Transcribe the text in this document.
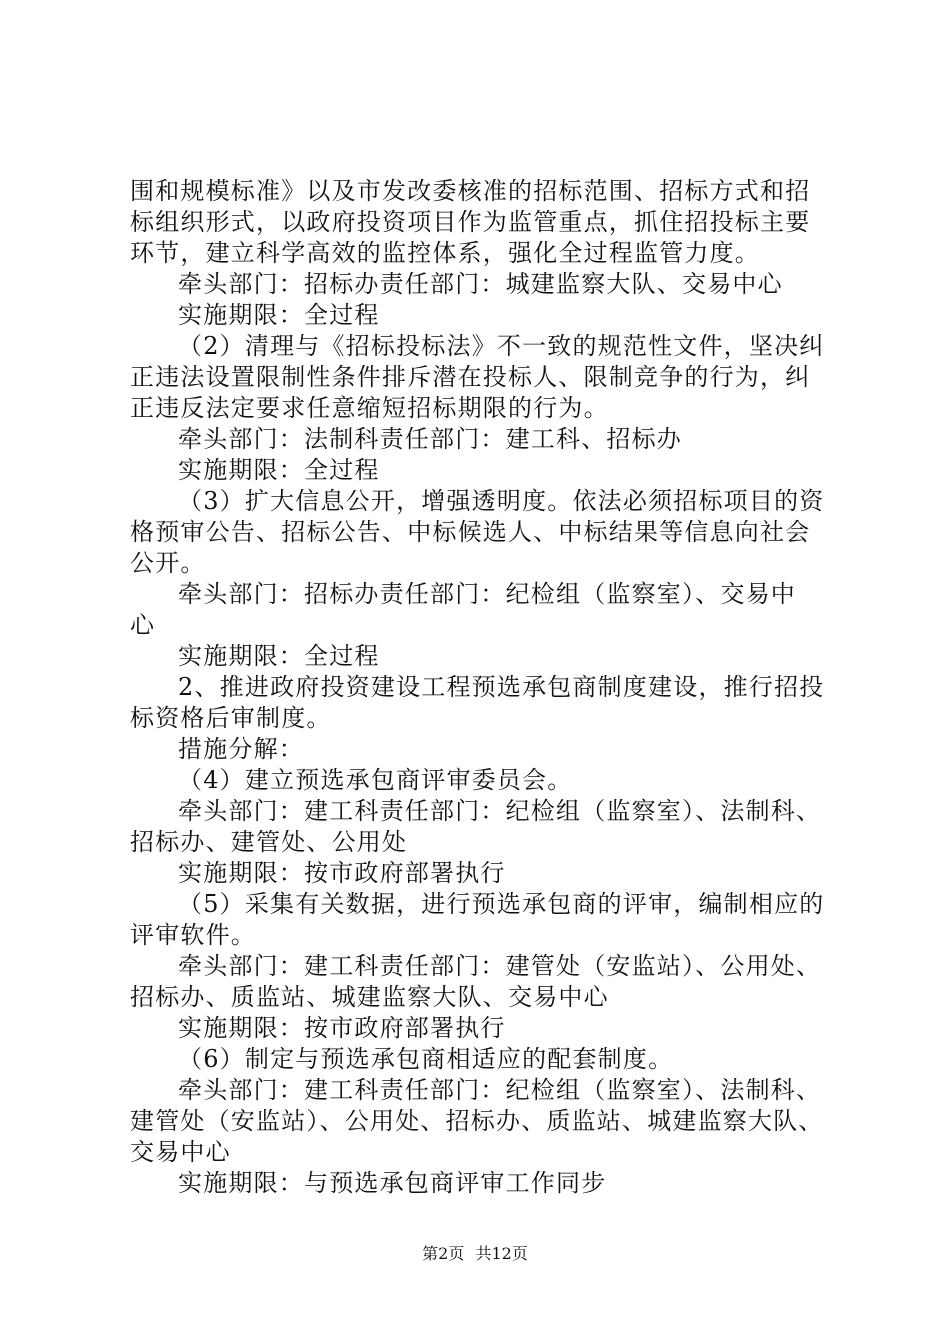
围和规模标准》以及市发改委核准的招标范围、招标方式和招
标组织形式，以政府投资项目作为监管重点，抓住招投标主要
环节，建立科学高效的监控体系，强化全过程监管力度。
牵头部门：招标办责任部门：城建监察大队、交易中心
实施期限：全过程
（2）清理与《招标投标法》不一致的规范性文件，坚决纠
正违法设置限制性条件排斥潜在投标人、限制竞争的行为，纠
正违反法定要求任意缩短招标期限的行为。
牵头部门：法制科责任部门：建工科、招标办
实施期限：全过程
（3）扩大信息公开，增强透明度。依法必须招标项目的资
格预审公告、招标公告、中标候选人、中标结果等信息向社会
公开。
牵头部门：招标办责任部门：纪检组（监察室）、交易中
心
实施期限：全过程
2、推进政府投资建设工程预选承包商制度建设，推行招投
标资格后审制度。
措施分解：
（4）建立预选承包商评审委员会。
牵头部门：建工科责任部门：纪检组（监察室）、法制科、
招标办、建管处、公用处
实施期限：按市政府部署执行
（5）采集有关数据，进行预选承包商的评审，编制相应的
评审软件。
牵头部门：建工科责任部门：建管处（安监站）、公用处、
招标办、质监站、城建监察大队、交易中心
实施期限：按市政府部署执行
（6）制定与预选承包商相适应的配套制度。
牵头部门：建工科责任部门：纪检组（监察室）、法制科、
建管处（安监站）、公用处、招标办、质监站、城建监察大队、
交易中心
实施期限：与预选承包商评审工作同步
第2页 共12页
